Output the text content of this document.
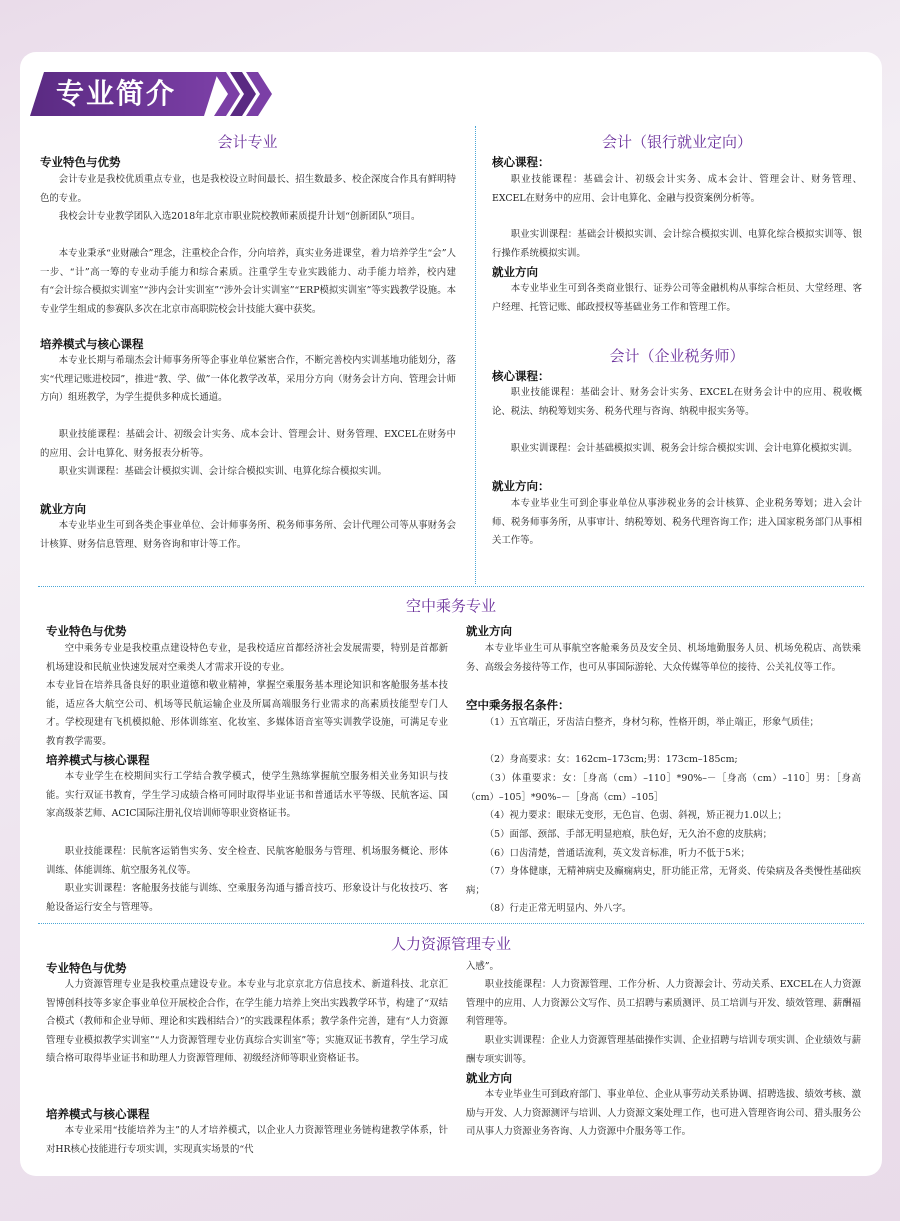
专业简介
会计专业
专业特色与优势

会计专业是我校优质重点专业，也是我校设立时间最长、招生数最多、校企深度合作具有鲜明特色的专业。

我校会计专业教学团队入选2018年北京市职业院校教师素质提升计划“创新团队”项目。

本专业秉承“业财融合”理念，注重校企合作，分向培养，真实业务进课堂，着力培养学生“会”人一步、“计”高一筹的专业动手能力和综合素质。注重学生专业实践能力、动手能力培养，校内建有“会计综合模拟实训室”“涉内会计实训室”“涉外会计实训室”“ERP模拟实训室”等实践教学设施。本专业学生组成的参赛队多次在北京市高职院校会计技能大赛中获奖。

培养模式与核心课程

本专业长期与希瑞杰会计师事务所等企事业单位紧密合作，不断完善校内实训基地功能划分，落实“代理记账进校园”，推进“教、学、做”一体化教学改革，采用分方向（财务会计方向、管理会计师方向）组班教学，为学生提供多种成长通道。

职业技能课程：基础会计、初级会计实务、成本会计、管理会计、财务管理、EXCEL在财务中的应用、会计电算化、财务报表分析等。

职业实训课程：基础会计模拟实训、会计综合模拟实训、电算化综合模拟实训。

就业方向

本专业毕业生可到各类企事业单位、会计师事务所、税务师事务所、会计代理公司等从事财务会计核算、财务信息管理、财务咨询和审计等工作。

会计（银行就业定向）
核心课程：

职业技能课程：基础会计、初级会计实务、成本会计、管理会计、财务管理、EXCEL在财务中的应用、会计电算化、金融与投资案例分析等。

职业实训课程：基础会计模拟实训、会计综合模拟实训、电算化综合模拟实训等、银行操作系统模拟实训。

就业方向

本专业毕业生可到各类商业银行、证券公司等金融机构从事综合柜员、大堂经理、客户经理、托管记账、邮政授权等基础业务工作和管理工作。

会计（企业税务师）
核心课程：

职业技能课程：基础会计、财务会计实务、EXCEL在财务会计中的应用、税收概论、税法、纳税筹划实务、税务代理与咨询、纳税申报实务等。

职业实训课程：会计基础模拟实训、税务会计综合模拟实训、会计电算化模拟实训。

就业方向：

本专业毕业生可到企事业单位从事涉税业务的会计核算、企业税务筹划；进入会计师、税务师事务所，从事审计、纳税筹划、税务代理咨询工作；进入国家税务部门从事相关工作等。

空中乘务专业
专业特色与优势

空中乘务专业是我校重点建设特色专业，是我校适应首都经济社会发展需要，特别是首都新机场建设和民航业快速发展对空乘类人才需求开设的专业。

本专业旨在培养具备良好的职业道德和敬业精神，掌握空乘服务基本理论知识和客舱服务基本技能，适应各大航空公司、机场等民航运输企业及所属高端服务行业需求的高素质技能型专门人才。学校现建有飞机模拟舱、形体训练室、化妆室、多媒体语音室等实训教学设施，可满足专业教育教学需要。

培养模式与核心课程

本专业学生在校期间实行工学结合教学模式，使学生熟练掌握航空服务相关业务知识与技能。实行双证书教育，学生学习成绩合格可同时取得毕业证书和普通话水平等级、民航客运、国家高级茶艺师、ACIC国际注册礼仪培训师等职业资格证书。

职业技能课程：民航客运销售实务、安全检查、民航客舱服务与管理、机场服务概论、形体训练、体能训练、航空服务礼仪等。

职业实训课程：客舱服务技能与训练、空乘服务沟通与播音技巧、形象设计与化妆技巧、客舱设备运行安全与管理等。

就业方向

本专业毕业生可从事航空客舱乘务员及安全员、机场地勤服务人员、机场免税店、高铁乘务、高级会务接待等工作，也可从事国际游轮、大众传媒等单位的接待、公关礼仪等工作。

空中乘务报名条件：

（1）五官端正，牙齿洁白整齐，身材匀称，性格开朗，举止端正，形象气质佳；

（2）身高要求：女：162cm–173cm;男：173cm–185cm;

（3）体重要求：女：［身高（cm）–110］*90%–－［身高（cm）–110］男：［身高（cm）–105］*90%–－［身高（cm）–105］

（4）视力要求：眼球无变形，无色盲、色弱、斜视，矫正视力1.0以上；

（5）面部、颈部、手部无明显疤痕，肤色好，无久治不愈的皮肤病；

（6）口齿清楚，普通话流利，英文发音标准，听力不低于5米；

（7）身体健康，无精神病史及癫痫病史，肝功能正常，无肾炎、传染病及各类慢性基础疾病；

（8）行走正常无明显内、外八字。

人力资源管理专业
专业特色与优势

人力资源管理专业是我校重点建设专业。本专业与北京京北方信息技术、新道科技、北京汇智博创科技等多家企事业单位开展校企合作，在学生能力培养上突出实践教学环节，构建了“双结合模式（教师和企业导师、理论和实践相结合）”的实践课程体系；教学条件完善，建有“人力资源管理专业模拟教学实训室”“人力资源管理专业仿真综合实训室”等；实施双证书教育，学生学习成绩合格可取得毕业证书和助理人力资源管理师、初级经济师等职业资格证书。

培养模式与核心课程

本专业采用“技能培养为主”的人才培养模式，以企业人力资源管理业务链构建教学体系，针对HR核心技能进行专项实训，实现真实场景的“代

入感”。

职业技能课程：人力资源管理、工作分析、人力资源会计、劳动关系、EXCEL在人力资源管理中的应用、人力资源公文写作、员工招聘与素质测评、员工培训与开发、绩效管理、薪酬福利管理等。

职业实训课程：企业人力资源管理基础操作实训、企业招聘与培训专项实训、企业绩效与薪酬专项实训等。

就业方向

本专业毕业生可到政府部门、事业单位、企业从事劳动关系协调、招聘选拔、绩效考核、激励与开发、人力资源测评与培训、人力资源文案处理工作，也可进入管理咨询公司、猎头服务公司从事人力资源业务咨询、人力资源中介服务等工作。
